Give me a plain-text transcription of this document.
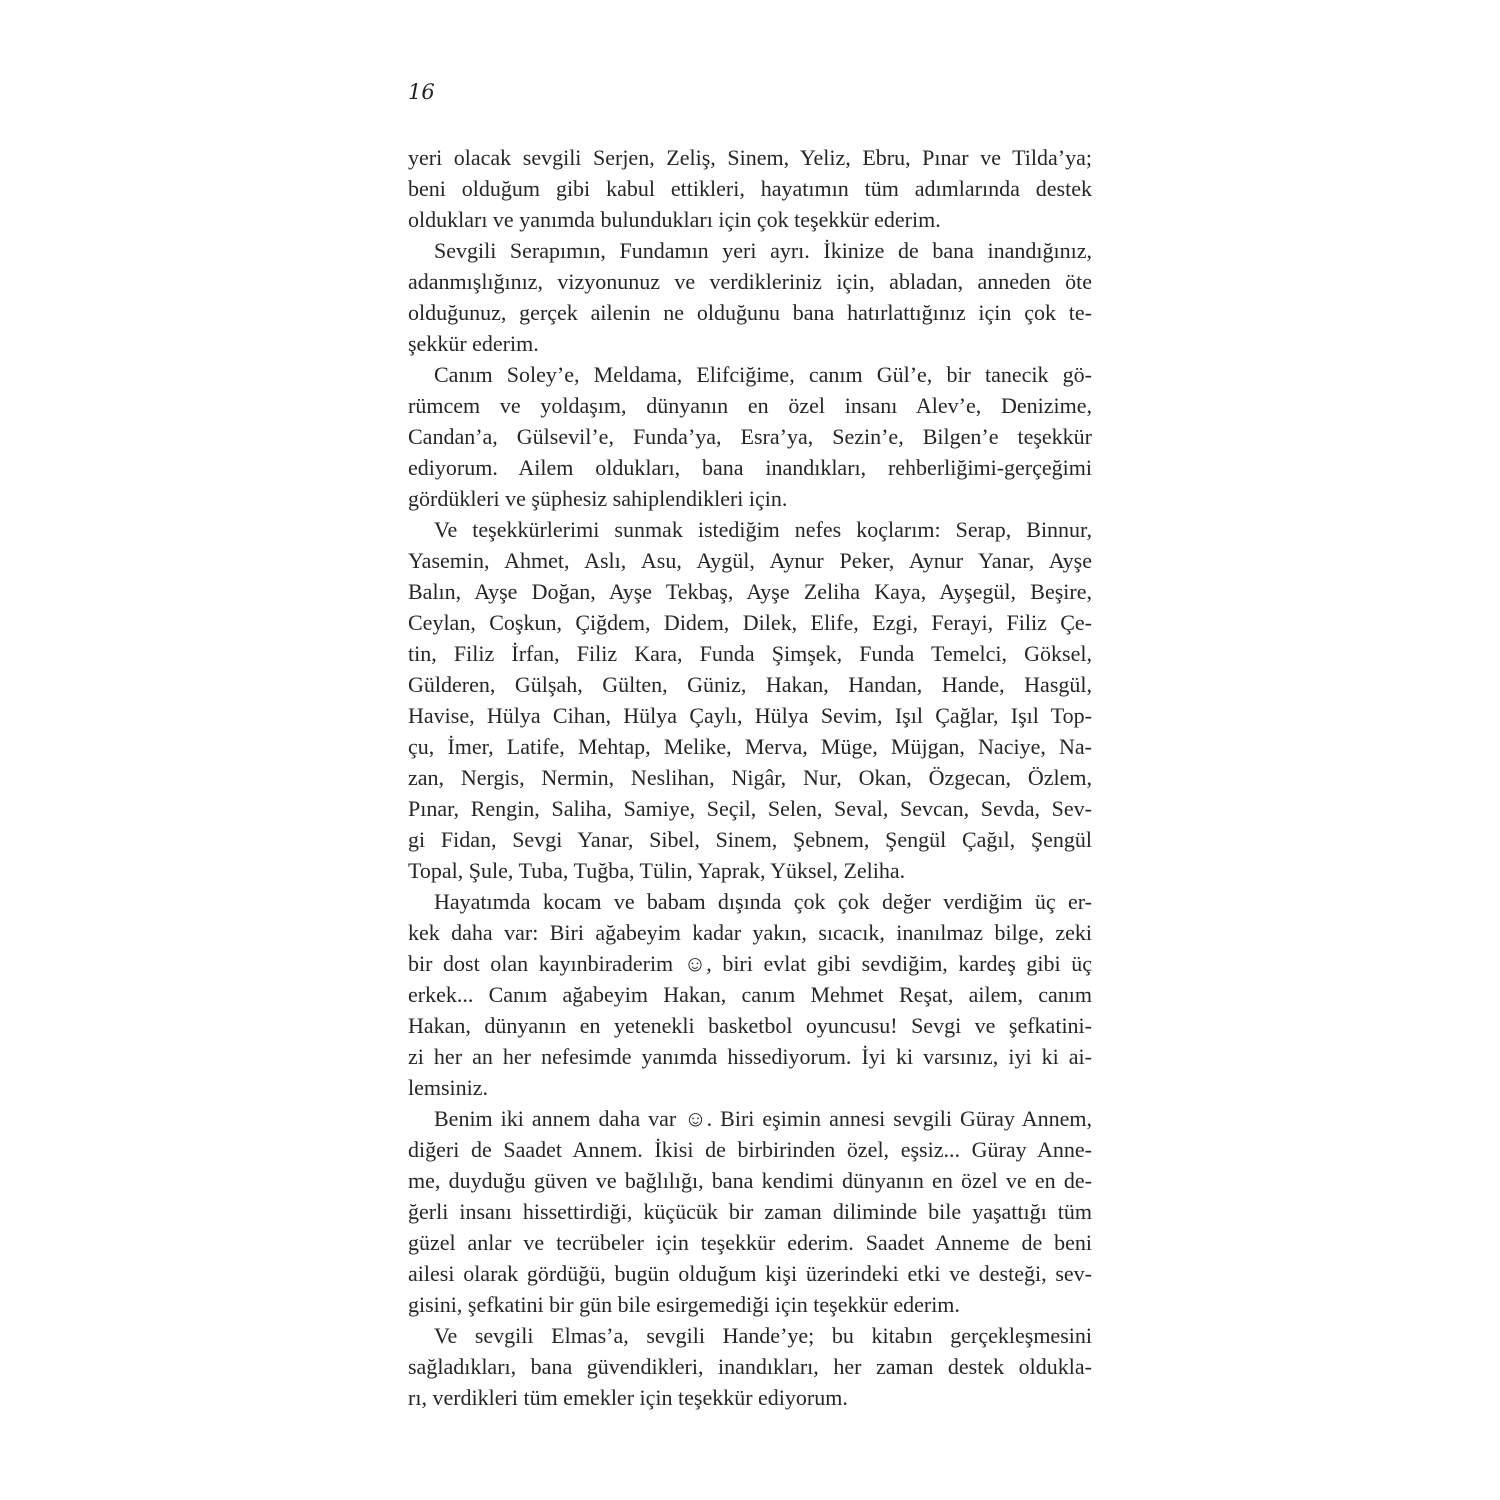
16

yeri olacak sevgili Serjen, Zeliş, Sinem, Yeliz, Ebru, Pınar ve Tilda’ya;
beni olduğum gibi kabul ettikleri, hayatımın tüm adımlarında destek
oldukları ve yanımda bulundukları için çok teşekkür ederim.
Sevgili Serapımın, Fundamın yeri ayrı. İkinize de bana inandığınız,
adanmışlığınız, vizyonunuz ve verdikleriniz için, abladan, anneden öte
olduğunuz, gerçek ailenin ne olduğunu bana hatırlattığınız için çok te-
şekkür ederim.
Canım Soley’e, Meldama, Elifciğime, canım Gül’e, bir tanecik gö-
rümcem ve yoldaşım, dünyanın en özel insanı Alev’e, Denizime,
Candan’a, Gülsevil’e, Funda’ya, Esra’ya, Sezin’e, Bilgen’e teşekkür
ediyorum. Ailem oldukları, bana inandıkları, rehberliğimi-gerçeğimi
gördükleri ve şüphesiz sahiplendikleri için.
Ve teşekkürlerimi sunmak istediğim nefes koçlarım: Serap, Binnur,
Yasemin, Ahmet, Aslı, Asu, Aygül, Aynur Peker, Aynur Yanar, Ayşe
Balın, Ayşe Doğan, Ayşe Tekbaş, Ayşe Zeliha Kaya, Ayşegül, Beşire,
Ceylan, Coşkun, Çiğdem, Didem, Dilek, Elife, Ezgi, Ferayi, Filiz Çe-
tin, Filiz İrfan, Filiz Kara, Funda Şimşek, Funda Temelci, Göksel,
Gülderen, Gülşah, Gülten, Güniz, Hakan, Handan, Hande, Hasgül,
Havise, Hülya Cihan, Hülya Çaylı, Hülya Sevim, Işıl Çağlar, Işıl Top-
çu, İmer, Latife, Mehtap, Melike, Merva, Müge, Müjgan, Naciye, Na-
zan, Nergis, Nermin, Neslihan, Nigâr, Nur, Okan, Özgecan, Özlem,
Pınar, Rengin, Saliha, Samiye, Seçil, Selen, Seval, Sevcan, Sevda, Sev-
gi Fidan, Sevgi Yanar, Sibel, Sinem, Şebnem, Şengül Çağıl, Şengül
Topal, Şule, Tuba, Tuğba, Tülin, Yaprak, Yüksel, Zeliha.
Hayatımda kocam ve babam dışında çok çok değer verdiğim üç er-
kek daha var: Biri ağabeyim kadar yakın, sıcacık, inanılmaz bilge, zeki
bir dost olan kayınbiraderim ☺, biri evlat gibi sevdiğim, kardeş gibi üç
erkek... Canım ağabeyim Hakan, canım Mehmet Reşat, ailem, canım
Hakan, dünyanın en yetenekli basketbol oyuncusu! Sevgi ve şefkatini-
zi her an her nefesimde yanımda hissediyorum. İyi ki varsınız, iyi ki ai-
lemsiniz.
Benim iki annem daha var ☺. Biri eşimin annesi sevgili Güray Annem,
diğeri de Saadet Annem. İkisi de birbirinden özel, eşsiz... Güray Anne-
me, duyduğu güven ve bağlılığı, bana kendimi dünyanın en özel ve en de-
ğerli insanı hissettirdiği, küçücük bir zaman diliminde bile yaşattığı tüm
güzel anlar ve tecrübeler için teşekkür ederim. Saadet Anneme de beni
ailesi olarak gördüğü, bugün olduğum kişi üzerindeki etki ve desteği, sev-
gisini, şefkatini bir gün bile esirgemediği için teşekkür ederim.
Ve sevgili Elmas’a, sevgili Hande’ye; bu kitabın gerçekleşmesini
sağladıkları, bana güvendikleri, inandıkları, her zaman destek oldukla-
rı, verdikleri tüm emekler için teşekkür ediyorum.
